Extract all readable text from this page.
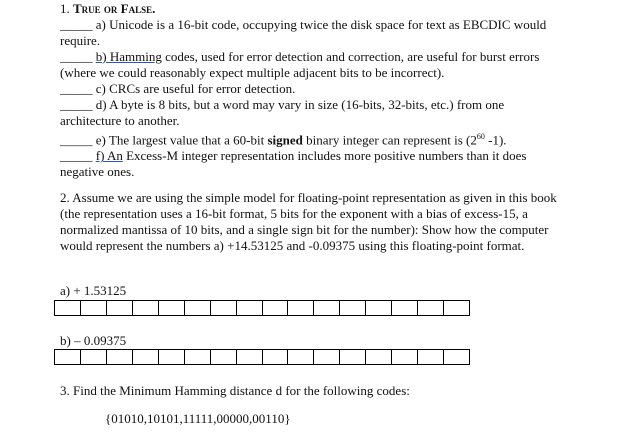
1. True or False.

_____ a) Unicode is a 16-bit code, occupying twice the disk space for text as EBCDIC would require.

_____ b) Hamming codes, used for error detection and correction, are useful for burst errors (where we could reasonably expect multiple adjacent bits to be incorrect).

_____ c) CRCs are useful for error detection.

_____ d) A byte is 8 bits, but a word may vary in size (16-bits, 32-bits, etc.) from one architecture to another.

_____ e) The largest value that a 60-bit signed binary integer can represent is ($2^{60}$ -1).

_____ f) An Excess-M integer representation includes more positive numbers than it does negative ones.

2. Assume we are using the simple model for floating-point representation as given in this book (the representation uses a 16-bit format, 5 bits for the exponent with a bias of excess-15, a normalized mantissa of 10 bits, and a single sign bit for the number): Show how the computer would represent the numbers a) +14.53125 and -0.09375 using this floating-point format.

a) + 1.53125
b) – 0.09375
3. Find the Minimum Hamming distance d for the following codes:
{01010,10101,11111,00000,00110}
